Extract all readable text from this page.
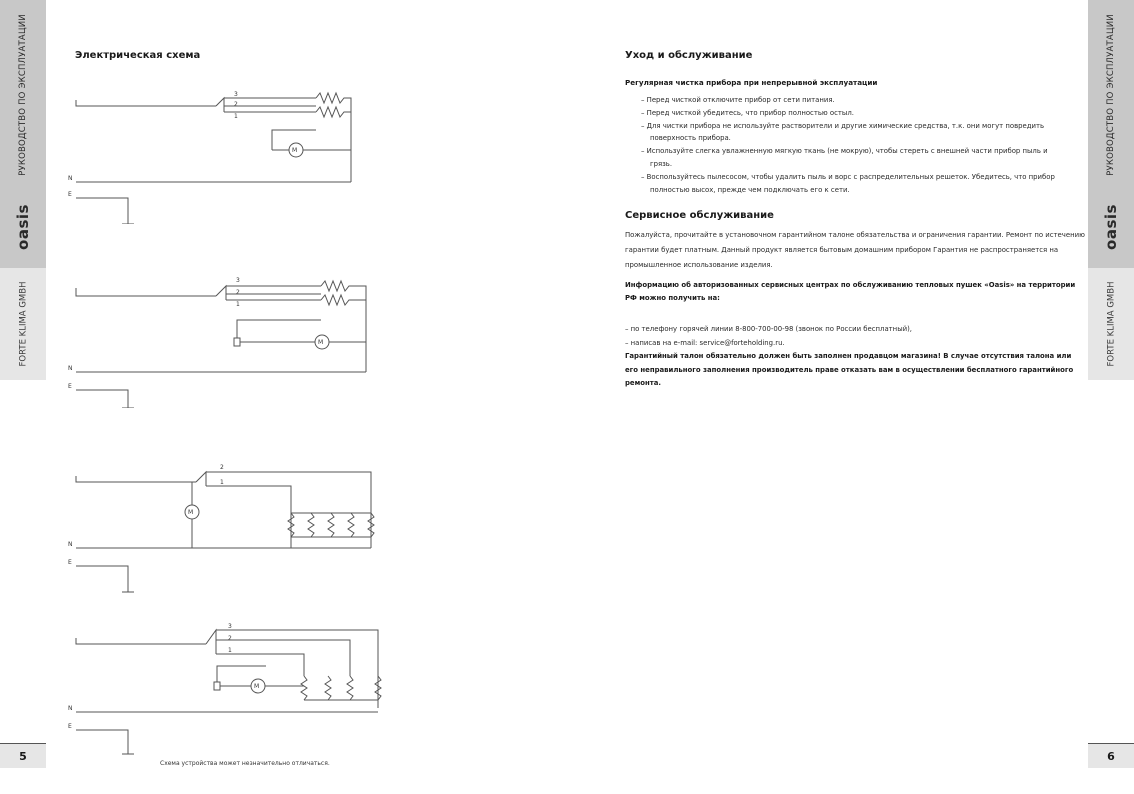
РУКОВОДСТВО ПО ЭКСПЛУАТАЦИИ
oasis
FORTE KLIMA GMBH
5
РУКОВОДСТВО ПО ЭКСПЛУАТАЦИИ
oasis
FORTE KLIMA GMBH
6
Электрическая схема
3
2
1
M
N
E
3
2
1
M
N
E
2
1
M
N
E
3
2
1
M
N
E
Схема устройства может незначительно отличаться.
Уход и обслуживание
Регулярная чистка прибора при непрерывной эксплуатации
– Перед чисткой отключите прибор от сети питания.
– Перед чисткой убедитесь, что прибор полностью остыл.
– Для чистки прибора не используйте растворители и другие химические средства, т.к. они могут повредить поверхность прибора.
– Используйте слегка увлажненную мягкую ткань (не мокрую), чтобы стереть с внешней части прибор пыль и грязь.
– Воспользуйтесь пылесосом, чтобы удалить пыль и ворс с распределительных решеток. Убедитесь, что прибор полностью высох, прежде чем подключать его к сети.
Сервисное обслуживание
Пожалуйста, прочитайте в установочном гарантийном талоне обязательства и ограничения гарантии. Ремонт по истечению гарантии будет платным. Данный продукт является бытовым домашним прибором Гарантия не распространяется на промышленное использование изделия.
Информацию об авторизованных сервисных центрах по обслуживанию тепловых пушек «Oasis» на территории РФ можно получить на:
– по телефону горячей линии 8-800-700-00-98 (звонок по России бесплатный),
– написав на e-mail: service@forteholding.ru.
Гарантийный талон обязательно должен быть заполнен продавцом магазина! В случае отсутствия талона или его неправильного заполнения производитель праве отказать вам в осуществлении бесплатного гарантийного ремонта.
